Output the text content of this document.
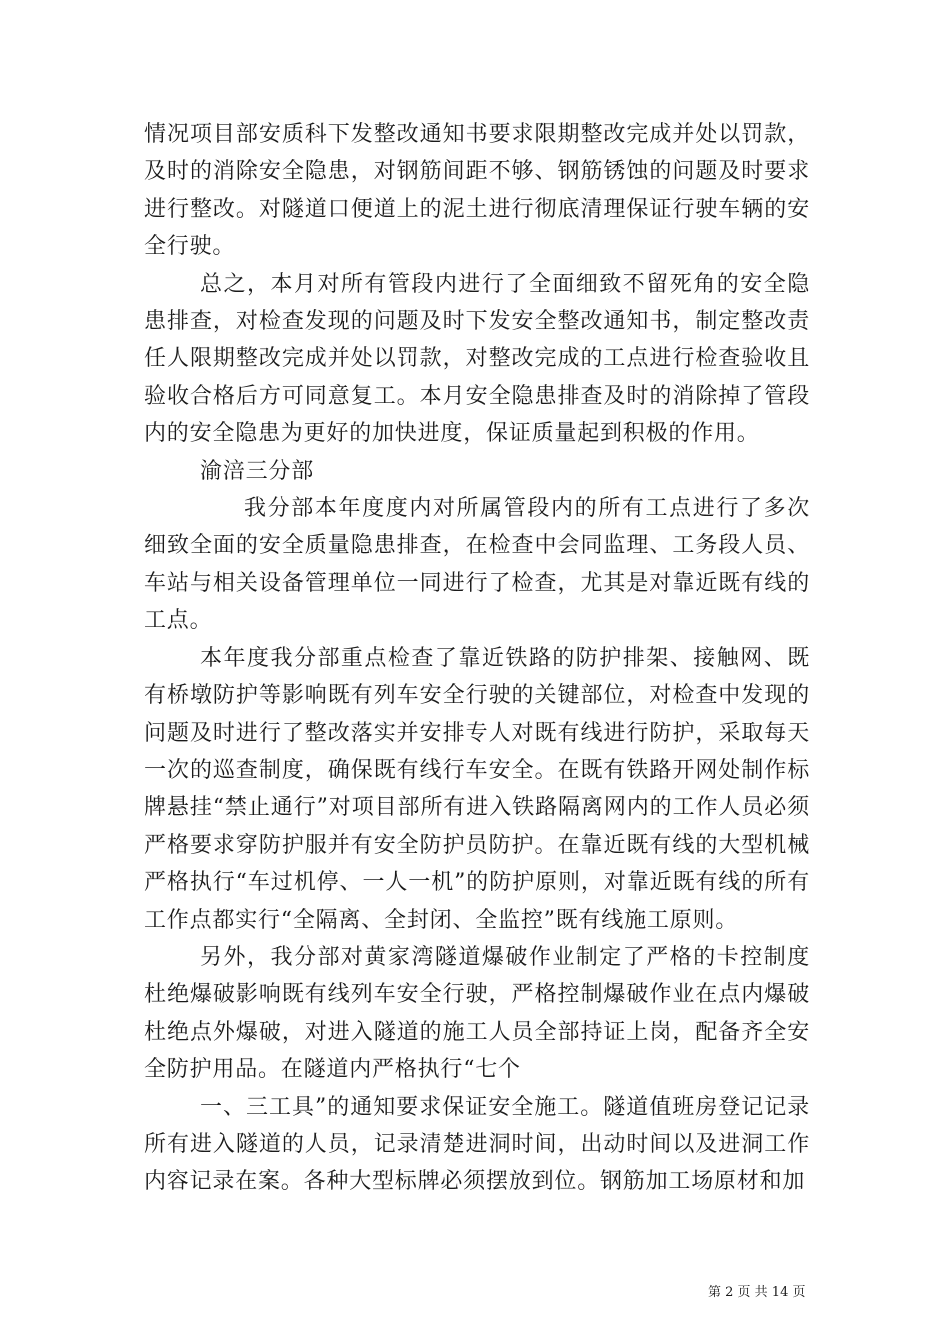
情况项目部安质科下发整改通知书要求限期整改完成并处以罚款，及时的消除安全隐患，对钢筋间距不够、钢筋锈蚀的问题及时要求进行整改。对隧道口便道上的泥土进行彻底清理保证行驶车辆的安全行驶。

总之，本月对所有管段内进行了全面细致不留死角的安全隐患排查，对检查发现的问题及时下发安全整改通知书，制定整改责任人限期整改完成并处以罚款，对整改完成的工点进行检查验收且验收合格后方可同意复工。本月安全隐患排查及时的消除掉了管段内的安全隐患为更好的加快进度，保证质量起到积极的作用。

渝涪三分部

我分部本年度度内对所属管段内的所有工点进行了多次细致全面的安全质量隐患排查，在检查中会同监理、工务段人员、车站与相关设备管理单位一同进行了检查，尤其是对靠近既有线的工点。

本年度我分部重点检查了靠近铁路的防护排架、接触网、既有桥墩防护等影响既有列车安全行驶的关键部位，对检查中发现的问题及时进行了整改落实并安排专人对既有线进行防护，采取每天一次的巡查制度，确保既有线行车安全。在既有铁路开网处制作标牌悬挂“禁止通行”对项目部所有进入铁路隔离网内的工作人员必须严格要求穿防护服并有安全防护员防护。在靠近既有线的大型机械严格执行“车过机停、一人一机”的防护原则，对靠近既有线的所有工作点都实行“全隔离、全封闭、全监控”既有线施工原则。

另外，我分部对黄家湾隧道爆破作业制定了严格的卡控制度杜绝爆破影响既有线列车安全行驶，严格控制爆破作业在点内爆破杜绝点外爆破，对进入隧道的施工人员全部持证上岗，配备齐全安全防护用品。在隧道内严格执行“七个

一、三工具”的通知要求保证安全施工。隧道值班房登记记录所有进入隧道的人员，记录清楚进洞时间，出动时间以及进洞工作内容记录在案。各种大型标牌必须摆放到位。钢筋加工场原材和加

第 2 页 共 14 页
